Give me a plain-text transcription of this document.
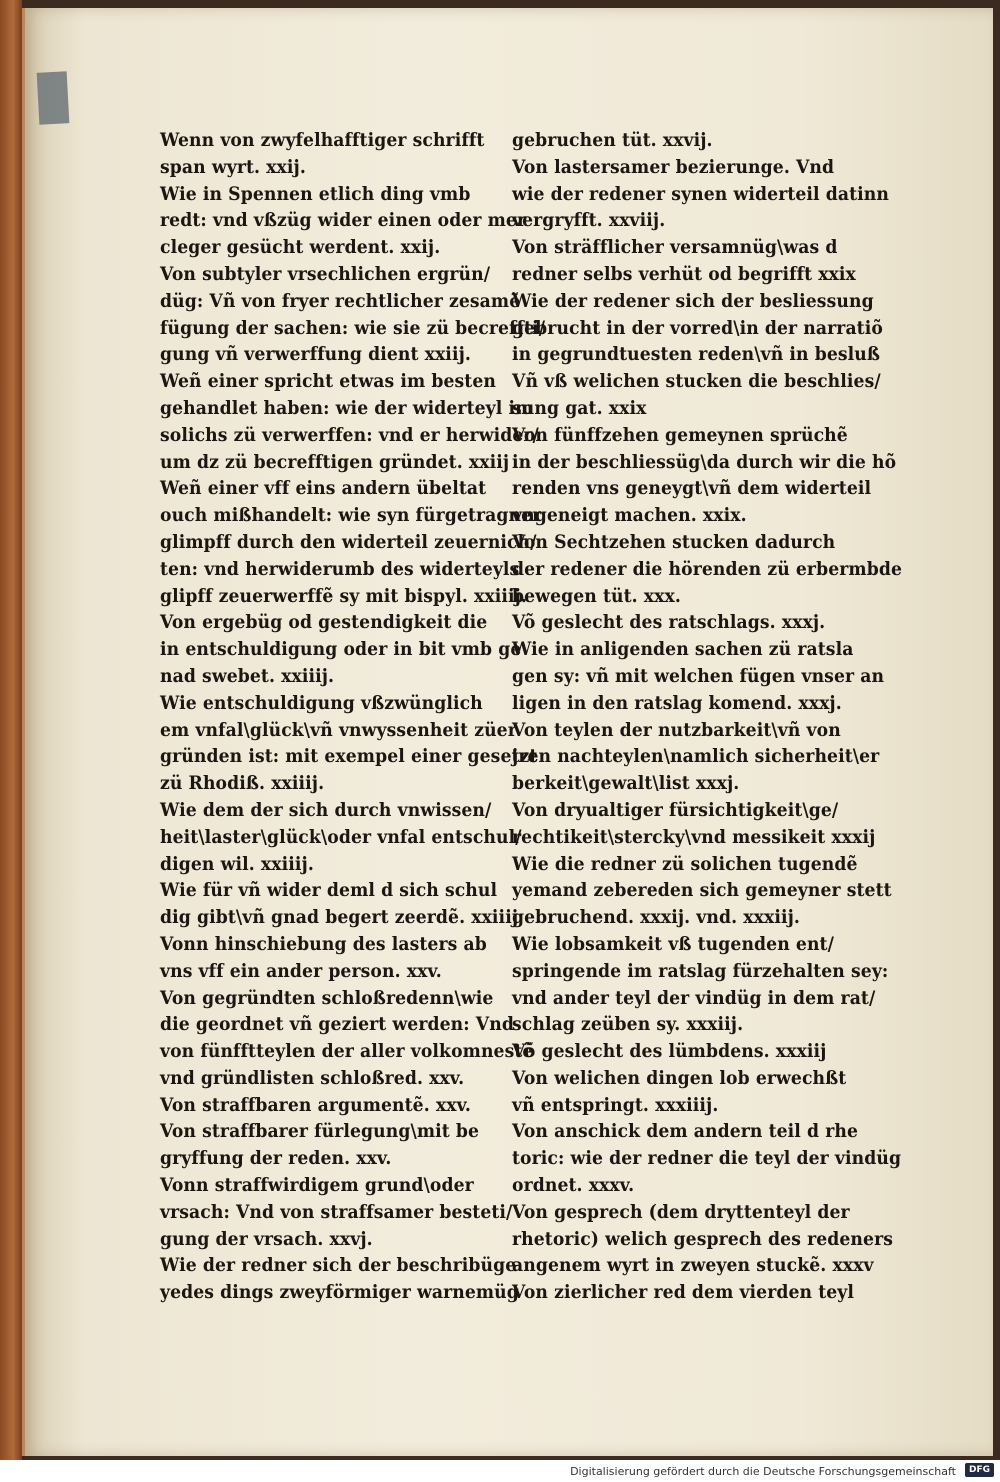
Wenn von zwyfelhafftiger schrifft
span wyrt. xxij.
Wie in Spennen etlich ding vmb
redt: vnd vßzüg wider einen oder mer
cleger gesücht werdent. xxij.
Von subtyler vrsechlichen ergrün/
düg: Vñ von fryer rechtlicher zesamẽ
fügung der sachen: wie sie zü becreffti/
gung vñ verwerffung dient xxiij.
Weñ einer spricht etwas im besten
gehandlet haben: wie der widerteyl im
solichs zü verwerffen: vnd er herwider/
um dz zü becrefftigen gründet. xxiij
Weñ einer vff eins andern übeltat
ouch mißhandelt: wie syn fürgetragner
glimpff durch den widerteil zeuernich/
ten: vnd herwiderumb des widerteyls
glipff zeuerwerffẽ sy mit bispyl. xxiiij.
Von ergebüg od gestendigkeit die
in entschuldigung oder in bit vmb ge
nad swebet. xxiiij.
Wie entschuldigung vßzwünglich
em vnfal\glück\vñ vnwyssenheit züer
gründen ist: mit exempel einer gesetzt
zü Rhodiß. xxiiij.
Wie dem der sich durch vnwissen/
heit\laster\glück\oder vnfal entschul/
digen wil. xxiiij.
Wie für vñ wider deml d sich schul
dig gibt\vñ gnad begert zeerdẽ. xxiiij
Vonn hinschiebung des lasters ab
vns vff ein ander person. xxv.
Von gegründten schloßredenn\wie
die geordnet vñ geziert werden: Vnd
von fünfftteylen der aller volkomnestẽ
vnd gründlisten schloßred. xxv.
Von straffbaren argumentẽ. xxv.
Von straffbarer fürlegung\mit be
gryffung der reden. xxv.
Vonn straffwirdigem grund\oder
vrsach: Vnd von straffsamer besteti/
gung der vrsach. xxvj.
Wie der redner sich der beschribüge
yedes dings zweyförmiger warnemüg
gebruchen tüt. xxvij.
Von lastersamer bezierunge. Vnd
wie der redener synen widerteil datinn
vergryfft. xxviij.
Von sträfflicher versamnüg\was d
redner selbs verhüt od begrifft xxix
Wie der redener sich der besliessung
gebrucht in der vorred\in der narratiõ
in gegrundtuesten reden\vñ in besluß
Vñ vß welichen stucken die beschlies/
sung gat. xxix
Von fünffzehen gemeynen sprüchẽ
in der beschliessüg\da durch wir die hõ
renden vns geneygt\vñ dem widerteil
vngeneigt machen. xxix.
Von Sechtzehen stucken dadurch
der redener die hörenden zü erbermbde
bewegen tüt. xxx.
Võ geslecht des ratschlags. xxxj.
Wie in anligenden sachen zü ratsla
gen sy: vñ mit welchen fügen vnser an
ligen in den ratslag komend. xxxj.
Von teylen der nutzbarkeit\vñ von
jren nachteylen\namlich sicherheit\er
berkeit\gewalt\list xxxj.
Von dryualtiger fürsichtigkeit\ge/
rechtikeit\stercky\vnd messikeit xxxij
Wie die redner zü solichen tugendẽ
yemand zebereden sich gemeyner stett
gebruchend. xxxij. vnd. xxxiij.
Wie lobsamkeit vß tugenden ent/
springende im ratslag fürzehalten sey:
vnd ander teyl der vindüg in dem rat/
schlag zeüben sy. xxxiij.
Võ geslecht des lümbdens. xxxiij
Von welichen dingen lob erwechßt
vñ entspringt. xxxiiij.
Von anschick dem andern teil d rhe
toric: wie der redner die teyl der vindüg
ordnet. xxxv.
Von gesprech (dem dryttenteyl der
rhetoric) welich gesprech des redeners
angenem wyrt in zweyen stuckẽ. xxxv
Von zierlicher red dem vierden teyl
Digitalisierung gefördert durch die Deutsche Forschungsgemeinschaft	DFG
